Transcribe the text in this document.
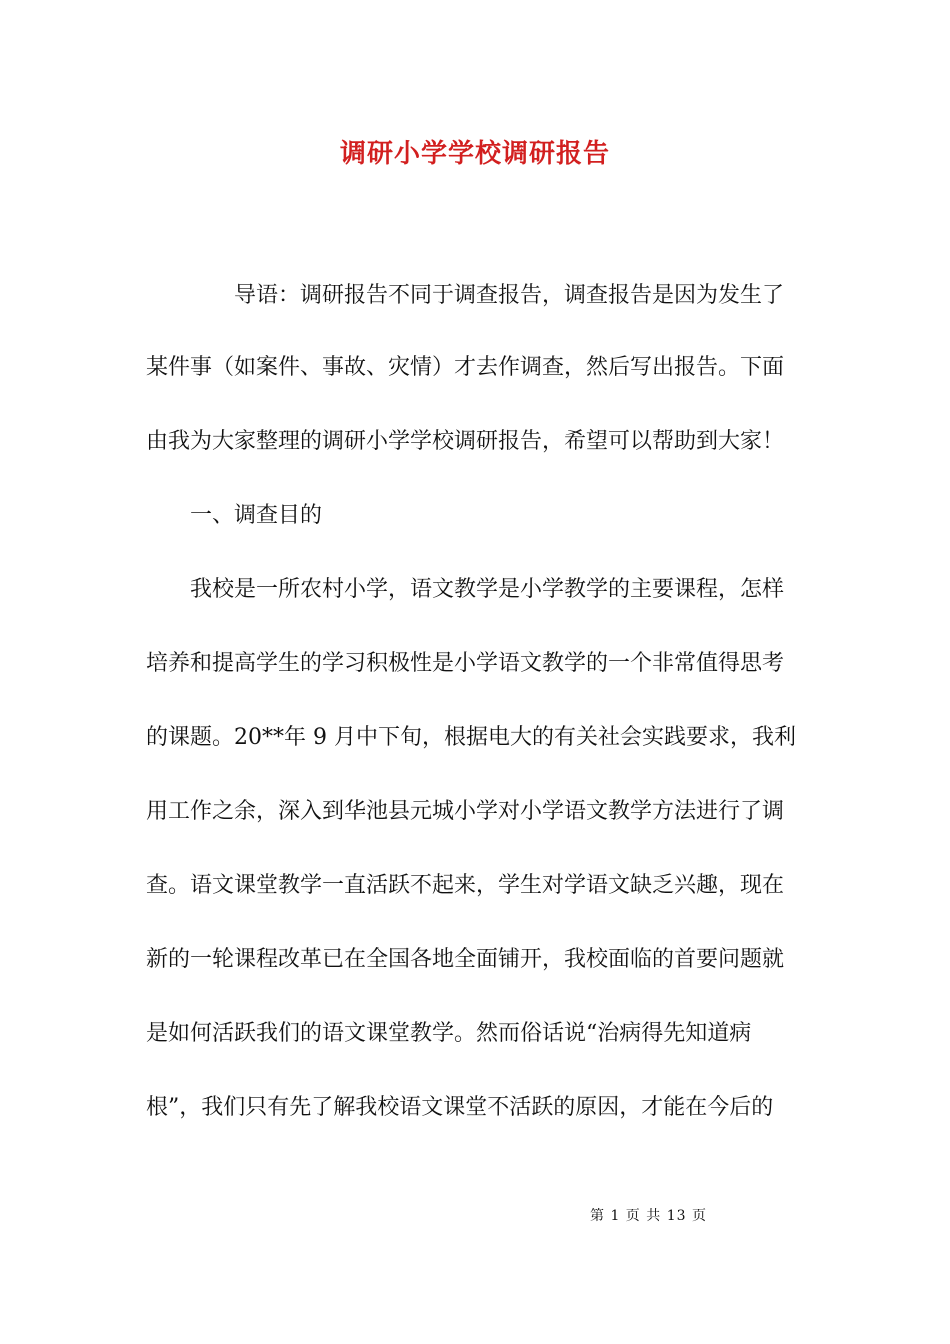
调研小学学校调研报告
导语：调研报告不同于调查报告，调查报告是因为发生了
某件事（如案件、事故、灾情）才去作调查，然后写出报告。下面
由我为大家整理的调研小学学校调研报告，希望可以帮助到大家！
一、调查目的
我校是一所农村小学，语文教学是小学教学的主要课程，怎样
培养和提高学生的学习积极性是小学语文教学的一个非常值得思考
的课题。20**年 9 月中下旬，根据电大的有关社会实践要求，我利
用工作之余，深入到华池县元城小学对小学语文教学方法进行了调
查。语文课堂教学一直活跃不起来，学生对学语文缺乏兴趣，现在
新的一轮课程改革已在全国各地全面铺开，我校面临的首要问题就
是如何活跃我们的语文课堂教学。然而俗话说“治病得先知道病
根”，我们只有先了解我校语文课堂不活跃的原因，才能在今后的
第 1 页 共 13 页
